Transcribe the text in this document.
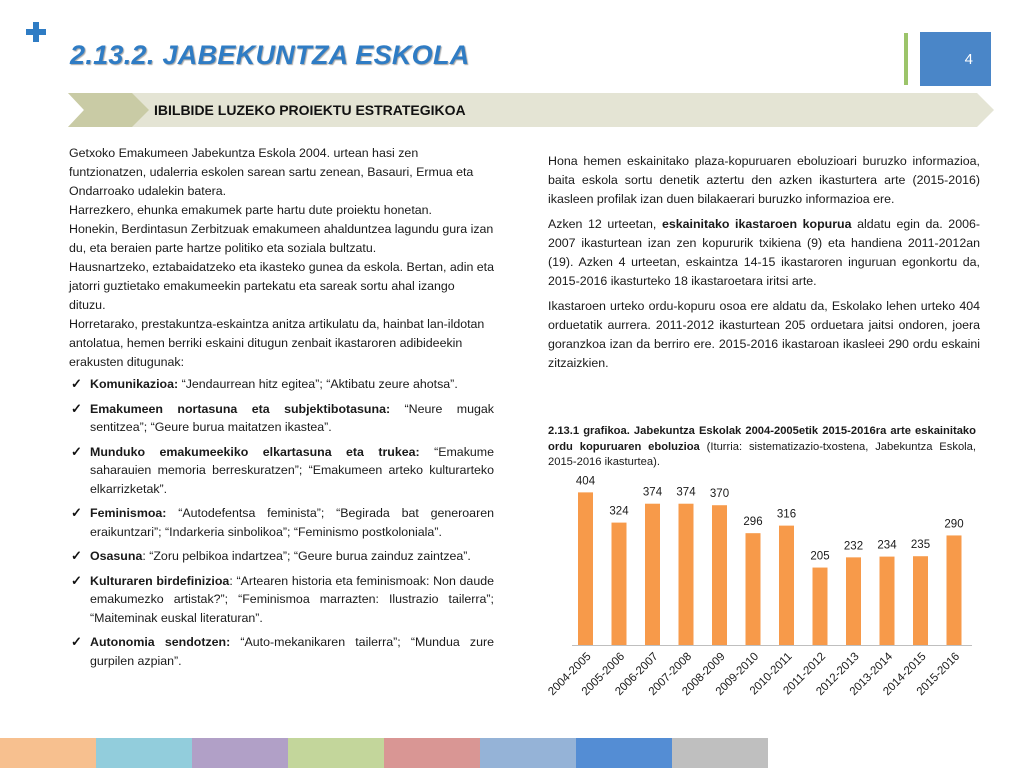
2.13.2. JABEKUNTZA ESKOLA	4
IBILBIDE LUZEKO PROIEKTU ESTRATEGIKOA

Getxoko Emakumeen Jabekuntza Eskola 2004. urtean hasi zen funtzionatzen, udalerria eskolen sarean sartu zenean, Basauri, Ermua eta Ondarroako udalekin batera.

Harrezkero, ehunka emakumek parte hartu dute proiektu honetan.

Honekin, Berdintasun Zerbitzuak emakumeen ahalduntzea lagundu gura izan du, eta beraien parte hartze politiko eta soziala bultzatu.

Hausnartzeko, eztabaidatzeko eta ikasteko gunea da eskola. Bertan, adin eta jatorri guztietako emakumeekin partekatu eta sareak sortu ahal izango dituzu.

Horretarako, prestakuntza-eskaintza anitza artikulatu da, hainbat lan-ildotan antolatua, hemen berriki eskaini ditugun zenbait ikastaroren adibideekin erakusten ditugunak:

✓ Komunikazioa: “Jendaurrean hitz egitea”; “Aktibatu zeure ahotsa”.
✓ Emakumeen nortasuna eta subjektibotasuna: “Neure mugak sentitzea”; “Geure burua maitatzen ikastea”.
✓ Munduko emakumeekiko elkartasuna eta trukea: “Emakume saharauien memoria berreskuratzen”; “Emakumeen arteko kulturarteko elkarrizketak”.
✓ Feminismoa: “Autodefentsa feminista”; “Begirada bat generoaren eraikuntzari”; “Indarkeria sinbolikoa”; “Feminismo postkoloniala”.
✓ Osasuna: “Zoru pelbikoa indartzea”; “Geure burua zainduz zaintzea”.
✓ Kulturaren birdefinizioa: “Artearen historia eta feminismoak: Non daude emakumezko artistak?”; “Feminismoa marrazten: Ilustrazio tailerra”; “Maiteminak euskal literaturan”.
✓ Autonomia sendotzen: “Auto-mekanikaren tailerra”; “Mundua zure gurpilen azpian”.

Hona hemen eskainitako plaza-kopuruaren eboluzioari buruzko informazioa, baita eskola sortu denetik aztertu den azken ikasturtera arte (2015-2016) ikasleen profilak izan duen bilakaerari buruzko informazioa ere.

Azken 12 urteetan, eskainitako ikastaroen kopurua aldatu egin da. 2006-2007 ikasturtean izan zen kopururik txikiena (9) eta handiena 2011-2012an (19). Azken 4 urteetan, eskaintza 14-15 ikastaroren inguruan egonkortu da, 2015-2016 ikasturteko 18 ikastaroetara iritsi arte.

Ikastaroen urteko ordu-kopuru osoa ere aldatu da, Eskolako lehen urteko 404 orduetatik aurrera. 2011-2012 ikasturtean 205 orduetara jaitsi ondoren, joera goranzkoa izan da berriro ere. 2015-2016 ikastaroan ikasleei 290 ordu eskaini zitzaizkien.

2.13.1 grafikoa. Jabekuntza Eskolak 2004-2005etik 2015-2016ra arte eskainitako ordu kopuruaren eboluzioa (Iturria: sistematizazio-txostena, Jabekuntza Eskola, 2015-2016 ikasturtea).
404
2004-2005
324
2005-2006
374
2006-2007
374
2007-2008
370
2008-2009
296
2009-2010
316
2010-2011
205
2011-2012
232
2012-2013
234
2013-2014
235
2014-2015
290
2015-2016
